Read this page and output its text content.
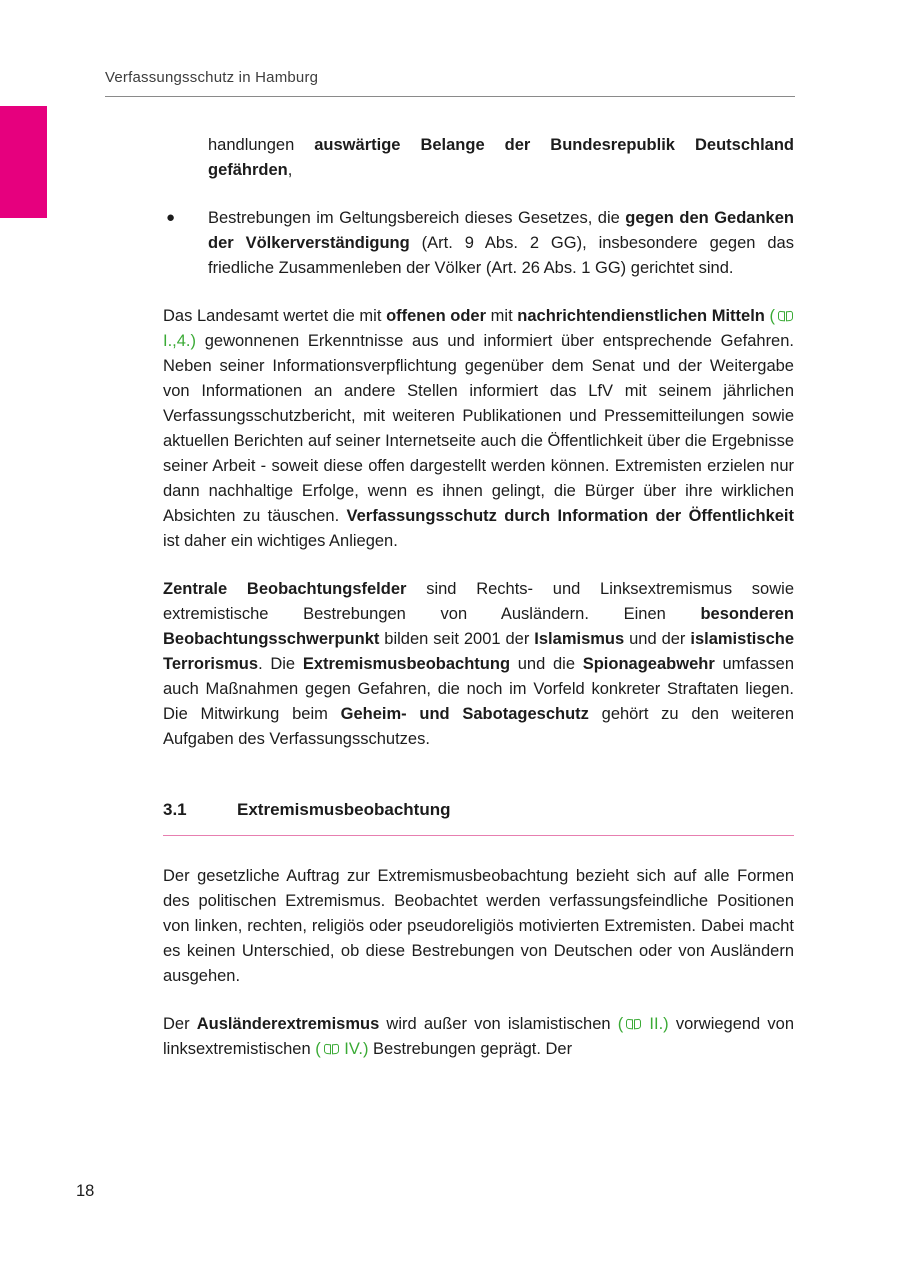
Verfassungsschutz in Hamburg

handlungen auswärtige Belange der Bundesrepublik Deutschland gefährden,

● Bestrebungen im Geltungsbereich dieses Gesetzes, die gegen den Gedanken der Völkerverständigung (Art. 9 Abs. 2 GG), insbesondere gegen das friedliche Zusammenleben der Völker (Art. 26 Abs. 1 GG) gerichtet sind.

Das Landesamt wertet die mit offenen oder mit nachrichtendienstlichen Mitteln ( I.,4.) gewonnenen Erkenntnisse aus und informiert über entsprechende Gefahren. Neben seiner Informationsverpflichtung gegenüber dem Senat und der Weitergabe von Informationen an andere Stellen informiert das LfV mit seinem jährlichen Verfassungsschutzbericht, mit weiteren Publikationen und Pressemitteilungen sowie aktuellen Berichten auf seiner Internetseite auch die Öffentlichkeit über die Ergebnisse seiner Arbeit - soweit diese offen dargestellt werden können. Extremisten erzielen nur dann nachhaltige Erfolge, wenn es ihnen gelingt, die Bürger über ihre wirklichen Absichten zu täuschen. Verfassungsschutz durch Information der Öffentlichkeit ist daher ein wichtiges Anliegen.

Zentrale Beobachtungsfelder sind Rechts- und Linksextremismus sowie extremistische Bestrebungen von Ausländern. Einen besonderen Beobachtungsschwerpunkt bilden seit 2001 der Islamismus und der islamistische Terrorismus. Die Extremismusbeobachtung und die Spionageabwehr umfassen auch Maßnahmen gegen Gefahren, die noch im Vorfeld konkreter Straftaten liegen. Die Mitwirkung beim Geheim- und Sabotageschutz gehört zu den weiteren Aufgaben des Verfassungsschutzes.

3.1	Extremismusbeobachtung

Der gesetzliche Auftrag zur Extremismusbeobachtung bezieht sich auf alle Formen des politischen Extremismus. Beobachtet werden verfassungsfeindliche Positionen von linken, rechten, religiös oder pseudoreligiös motivierten Extremisten. Dabei macht es keinen Unterschied, ob diese Bestrebungen von Deutschen oder von Ausländern ausgehen.

Der Ausländerextremismus wird außer von islamistischen ( II.) vorwiegend von linksextremistischen ( IV.) Bestrebungen geprägt. Der

18
